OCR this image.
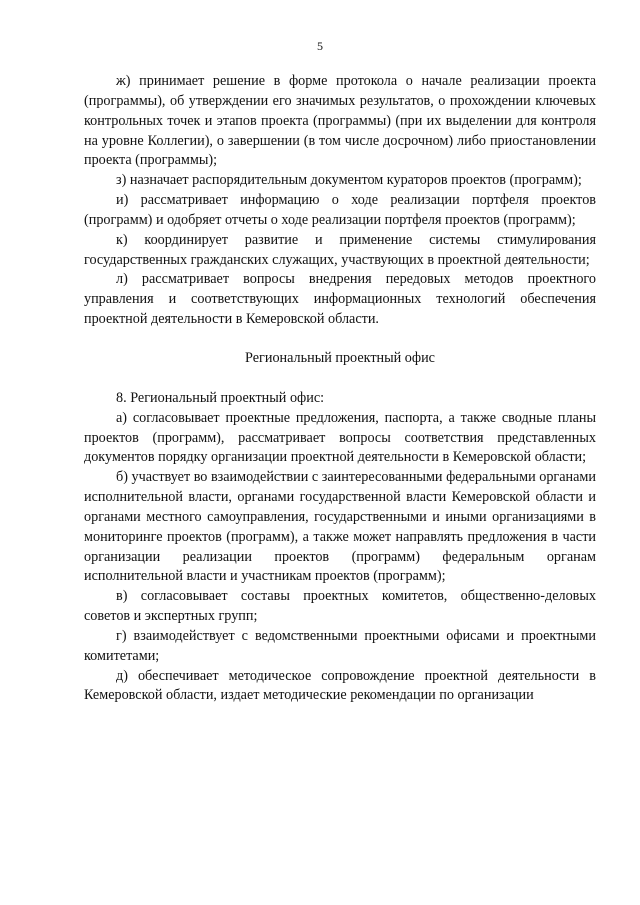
5

ж) принимает решение в форме протокола о начале реализации проекта (программы), об утверждении его значимых результатов, о прохождении ключевых контрольных точек и этапов проекта (программы) (при их выделении для контроля на уровне Коллегии), о завершении (в том числе досрочном) либо приостановлении проекта (программы);

з) назначает распорядительным документом кураторов проектов (программ);

и) рассматривает информацию о ходе реализации портфеля проектов (программ) и одобряет отчеты о ходе реализации портфеля проектов (программ);

к) координирует развитие и применение системы стимулирования государственных гражданских служащих, участвующих в проектной деятельности;

л) рассматривает вопросы внедрения передовых методов проектного управления и соответствующих информационных технологий обеспечения проектной деятельности в Кемеровской области.

Региональный проектный офис

8. Региональный проектный офис:

а) согласовывает проектные предложения, паспорта, а также сводные планы проектов (программ), рассматривает вопросы соответствия представленных документов порядку организации проектной деятельности в Кемеровской области;

б) участвует во взаимодействии с заинтересованными федеральными органами исполнительной власти, органами государственной власти Кемеровской области и органами местного самоуправления, государственными и иными организациями в мониторинге проектов (программ), а также может направлять предложения в части организации реализации проектов (программ) федеральным органам исполнительной власти и участникам проектов (программ);

в) согласовывает составы проектных комитетов, общественно-деловых советов и экспертных групп;

г) взаимодействует с ведомственными проектными офисами и проектными комитетами;

д) обеспечивает методическое сопровождение проектной деятельности в Кемеровской области, издает методические рекомендации по организации
